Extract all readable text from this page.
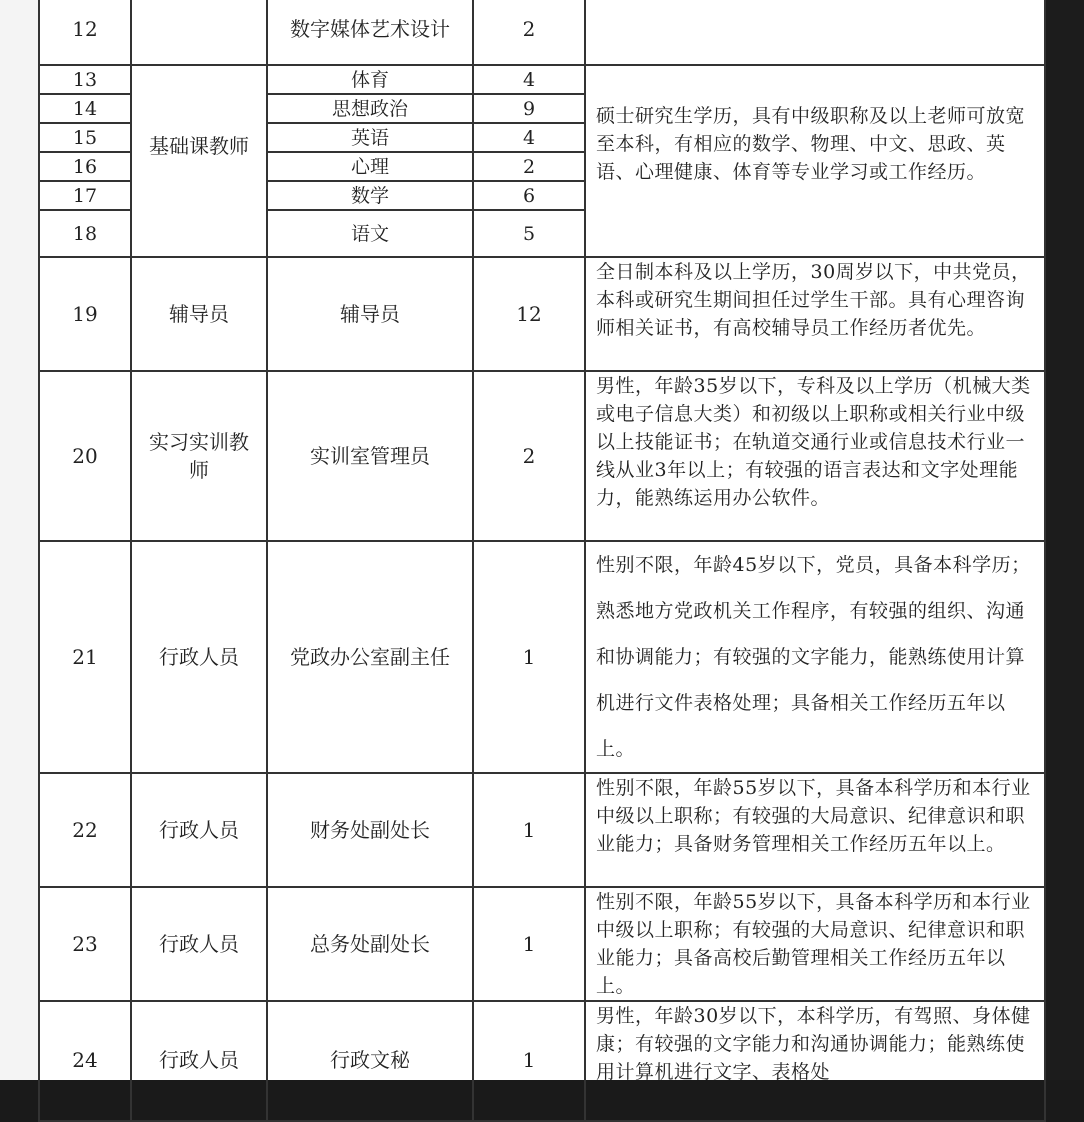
12		数字媒体艺术设计	2	
13	基础课教师	体育	4	硕士研究生学历，具有中级职称及以上老师可放宽至本科，有相应的数学、物理、中文、思政、英语、心理健康、体育等专业学习或工作经历。
14		思想政治	9	
15		英语	4	
16		心理	2	
17		数学	6	
18		语文	5	
19	辅导员	辅导员	12	全日制本科及以上学历，30周岁以下，中共党员，本科或研究生期间担任过学生干部。具有心理咨询师相关证书，有高校辅导员工作经历者优先。
20	实习实训教师	实训室管理员	2	男性，年龄35岁以下，专科及以上学历（机械大类或电子信息大类）和初级以上职称或相关行业中级以上技能证书；在轨道交通行业或信息技术行业一线从业3年以上；有较强的语言表达和文字处理能力，能熟练运用办公软件。
21	行政人员	党政办公室副主任	1	性别不限，年龄45岁以下，党员，具备本科学历；熟悉地方党政机关工作程序，有较强的组织、沟通和协调能力；有较强的文字能力，能熟练使用计算机进行文件表格处理；具备相关工作经历五年以上。
22	行政人员	财务处副处长	1	性别不限，年龄55岁以下，具备本科学历和本行业中级以上职称；有较强的大局意识、纪律意识和职业能力；具备财务管理相关工作经历五年以上。
23	行政人员	总务处副处长	1	性别不限，年龄55岁以下，具备本科学历和本行业中级以上职称；有较强的大局意识、纪律意识和职业能力；具备高校后勤管理相关工作经历五年以上。
24	行政人员	行政文秘	1	男性，年龄30岁以下，本科学历，有驾照、身体健康；有较强的文字能力和沟通协调能力；能熟练使用计算机进行文字、表格处
